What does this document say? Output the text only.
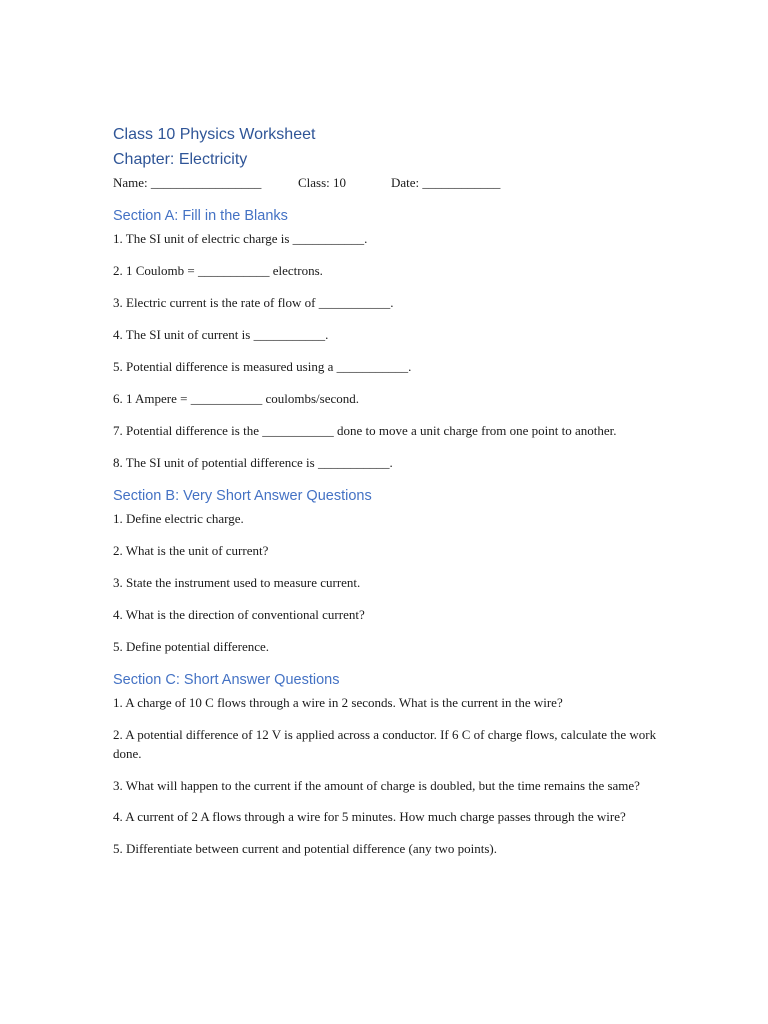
Class 10 Physics Worksheet
Chapter: Electricity
Name: _________________	Class: 10	Date: ____________
Section A: Fill in the Blanks
1. The SI unit of electric charge is ___________.
2. 1 Coulomb = ___________ electrons.
3. Electric current is the rate of flow of ___________.
4. The SI unit of current is ___________.
5. Potential difference is measured using a ___________.
6. 1 Ampere = ___________ coulombs/second.
7. Potential difference is the ___________ done to move a unit charge from one point to another.
8. The SI unit of potential difference is ___________.
Section B: Very Short Answer Questions
1. Define electric charge.
2. What is the unit of current?
3. State the instrument used to measure current.
4. What is the direction of conventional current?
5. Define potential difference.
Section C: Short Answer Questions
1. A charge of 10 C flows through a wire in 2 seconds. What is the current in the wire?
2. A potential difference of 12 V is applied across a conductor. If 6 C of charge flows, calculate the work done.
3. What will happen to the current if the amount of charge is doubled, but the time remains the same?
4. A current of 2 A flows through a wire for 5 minutes. How much charge passes through the wire?
5. Differentiate between current and potential difference (any two points).
